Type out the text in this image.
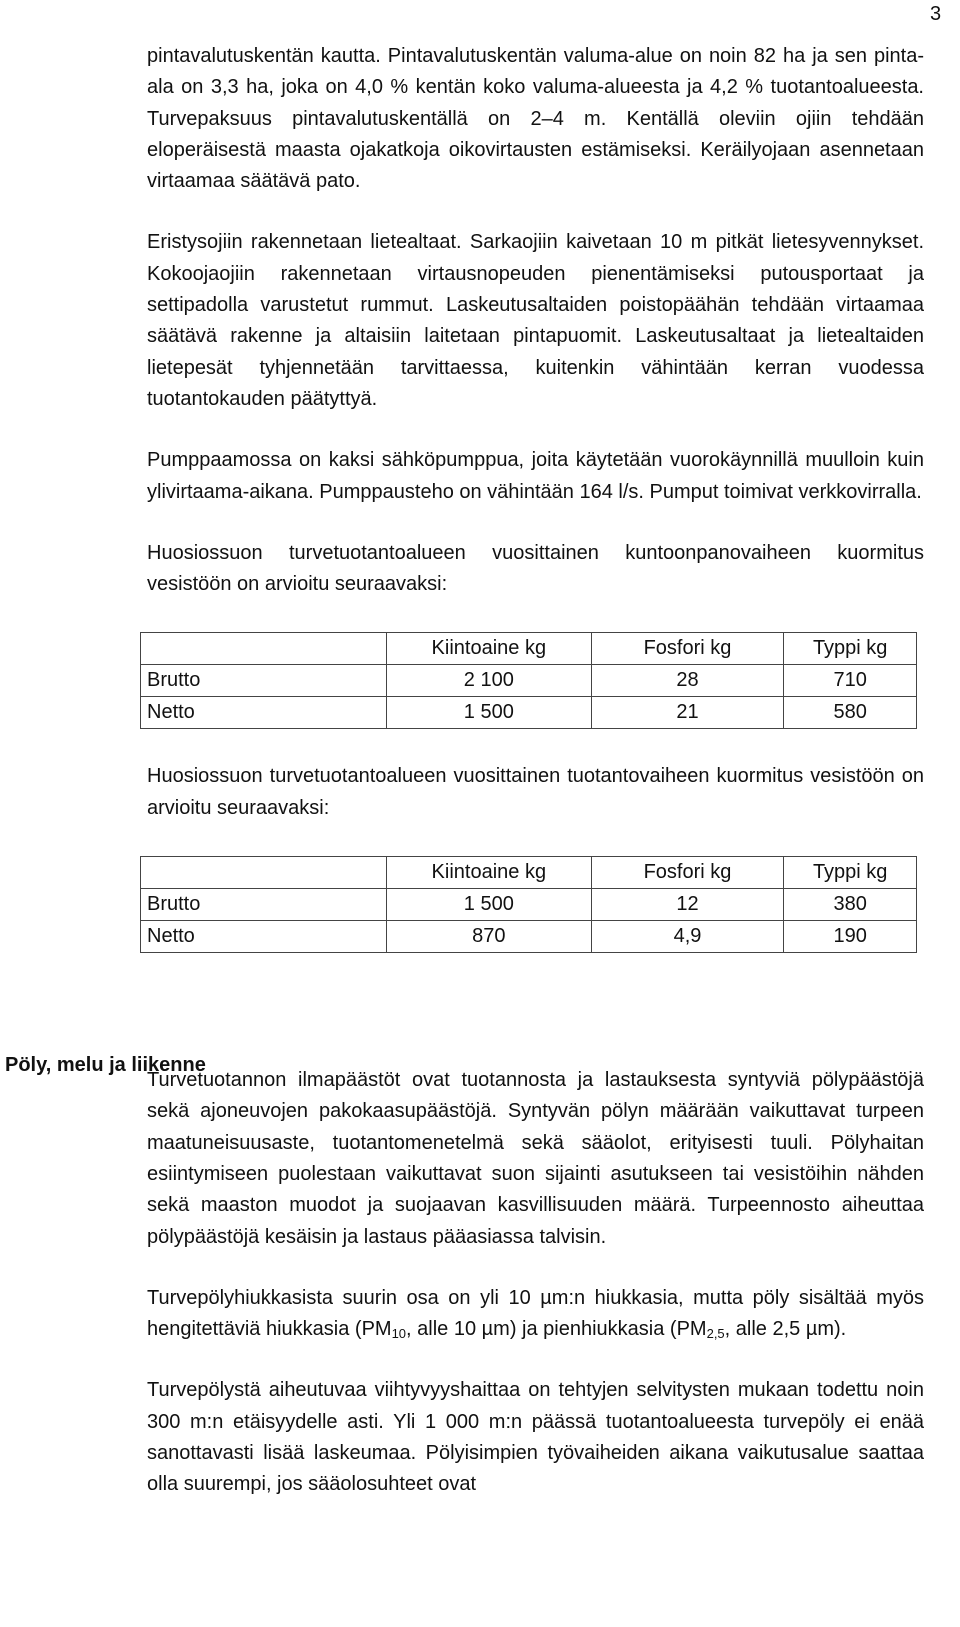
3
Pöly, melu ja liikenne

pintavalutuskentän kautta. Pintavalutuskentän valuma-alue on noin 82 ha ja sen pinta-ala on 3,3 ha, joka on 4,0 % kentän koko valuma-alueesta ja 4,2 % tuotantoalueesta. Turvepaksuus pintavalutuskentällä on 2–4 m. Kentällä oleviin ojiin tehdään eloperäisestä maasta ojakatkoja oikovirtausten estämiseksi. Keräilyojaan asennetaan virtaamaa säätävä pato.

Eristysojiin rakennetaan lietealtaat. Sarkaojiin kaivetaan 10 m pitkät lietesyvennykset. Kokoojaojiin rakennetaan virtausnopeuden pienentämiseksi putousportaat ja settipadolla varustetut rummut. Laskeutusaltaiden poistopäähän tehdään virtaamaa säätävä rakenne ja altaisiin laitetaan pintapuomit. Laskeutusaltaat ja lietealtaiden lietepesät tyhjennetään tarvittaessa, kuitenkin vähintään kerran vuodessa tuotantokauden päätyttyä.

Pumppaamossa on kaksi sähköpumppua, joita käytetään vuorokäynnillä muulloin kuin ylivirtaama-aikana. Pumppausteho on vähintään 164 l/s. Pumput toimivat verkkovirralla.

Huosiossuon turvetuotantoalueen vuosittainen kuntoonpanovaiheen kuormitus vesistöön on arvioitu seuraavaksi:

	Kiintoaine kg	Fosfori kg	Typpi kg
Brutto	2 100	28	710
Netto	1 500	21	580

Huosiossuon turvetuotantoalueen vuosittainen tuotantovaiheen kuormitus vesistöön on arvioitu seuraavaksi:

	Kiintoaine kg	Fosfori kg	Typpi kg
Brutto	1 500	12	380
Netto	870	4,9	190

Turvetuotannon ilmapäästöt ovat tuotannosta ja lastauksesta syntyviä pölypäästöjä sekä ajoneuvojen pakokaasupäästöjä. Syntyvän pölyn määrään vaikuttavat turpeen maatuneisuusaste, tuotantomenetelmä sekä sääolot, erityisesti tuuli. Pölyhaitan esiintymiseen puolestaan vaikuttavat suon sijainti asutukseen tai vesistöihin nähden sekä maaston muodot ja suojaavan kasvillisuuden määrä. Turpeennosto aiheuttaa pölypäästöjä kesäisin ja lastaus pääasiassa talvisin.

Turvepölyhiukkasista suurin osa on yli 10 µm:n hiukkasia, mutta pöly sisältää myös hengitettäviä hiukkasia ($PM_{10}$, alle 10 µm) ja pienhiukkasia ($PM_{2,5}$, alle 2,5 µm).

Turvepölystä aiheutuvaa viihtyvyyshaittaa on tehtyjen selvitysten mukaan todettu noin 300 m:n etäisyydelle asti. Yli 1 000 m:n päässä tuotantoalueesta turvepöly ei enää sanottavasti lisää laskeumaa. Pölyisimpien työvaiheiden aikana vaikutusalue saattaa olla suurempi, jos sääolosuhteet ovat
